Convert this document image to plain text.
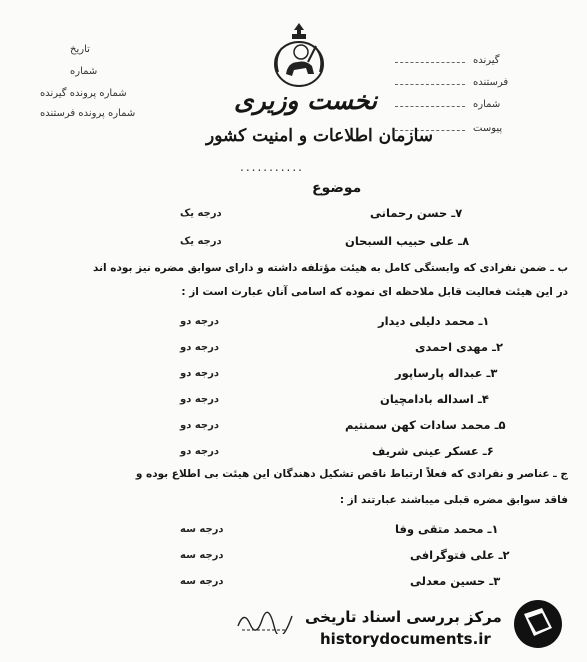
تاریخ
شماره
شماره پرونده گیرنده
شماره پرونده فرستنده
گیرنده
فرستنده
شماره
پیوست
نخست وزیری
سازمان اطلاعات و امنیت کشور
...........
موضوع
۷ـ حسن رحمانی
درجه یک
۸ـ علی حبیب السبحان
درجه یک
ب ـ ضمن نفرادی که وابستگی کامل به هیئت مؤتلفه داشته و دارای سوابق مضره نیز بوده اند
در این هیئت فعالیت قابل ملاحظه ای نموده که اسامی آنان عبارت است از :
۱ـ محمد دلیلی دیدار
درجه دو
۲ـ مهدی احمدی
درجه دو
۳ـ عبداله پارساپور
درجه دو
۴ـ اسداله بادامچیان
درجه دو
۵ـ محمد سادات کهن سمنتیم
درجه دو
۶ـ عسکر عینی شریف
درجه دو
ج ـ عناصر و نفرادی که فعلاً ارتباط ناقص تشکیل دهندگان این هیئت بی اطلاع بوده و
فاقد سوابق مضره قبلی میباشند عبارتند از :
۱ـ محمد متقی وفا
درجه سه
۲ـ علی فتوگرافی
درجه سه
۳ـ حسین معدلی
درجه سه
مرکز بررسی اسناد تاریخی
historydocuments.ir
